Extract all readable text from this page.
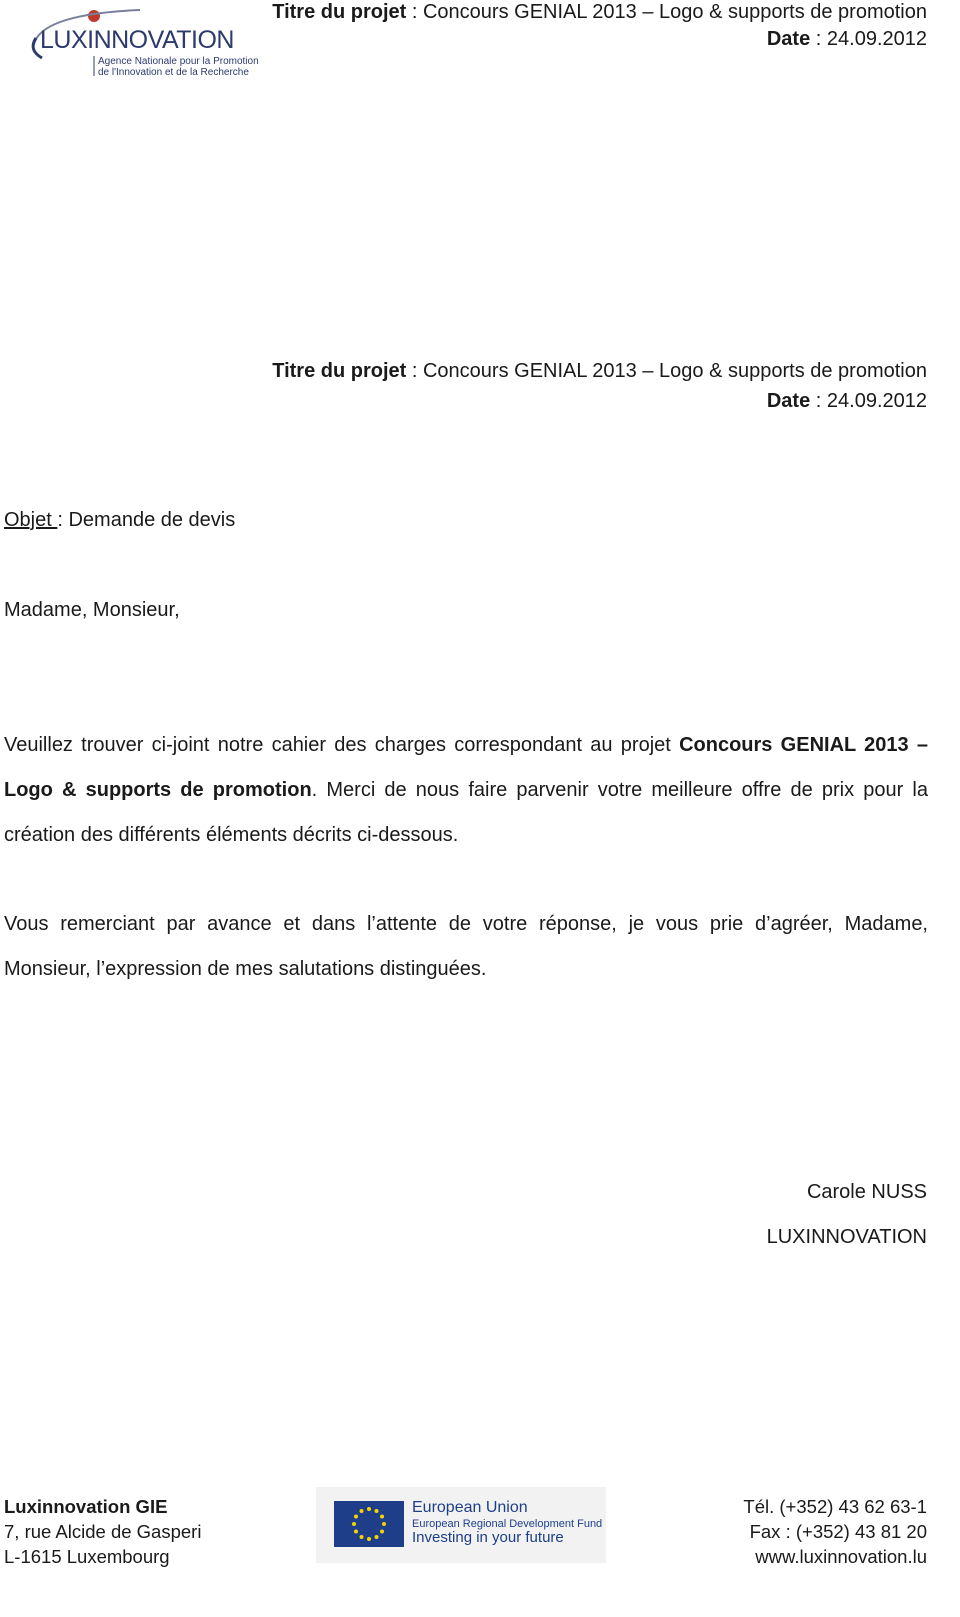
LUXINNOVATION
Agence Nationale pour la Promotion
de l'Innovation et de la Recherche
Titre du projet : Concours GENIAL 2013 – Logo & supports de promotion
Date : 24.09.2012
Titre du projet : Concours GENIAL 2013 – Logo & supports de promotion
Date : 24.09.2012
Objet : Demande de devis
Madame, Monsieur,
Veuillez trouver ci-joint notre cahier des charges correspondant au projet Concours GENIAL 2013 – Logo & supports de promotion. Merci de nous faire parvenir votre meilleure offre de prix pour la création des différents éléments décrits ci-dessous.
Vous remerciant par avance et dans l’attente de votre réponse, je vous prie d’agréer, Madame, Monsieur, l’expression de mes salutations distinguées.
Carole NUSS
LUXINNOVATION
Luxinnovation GIE
7, rue Alcide de Gasperi
L-1615 Luxembourg
European Union
European Regional Development Fund
Investing in your future
Tél. (+352) 43 62 63-1
Fax : (+352) 43 81 20
www.luxinnovation.lu
